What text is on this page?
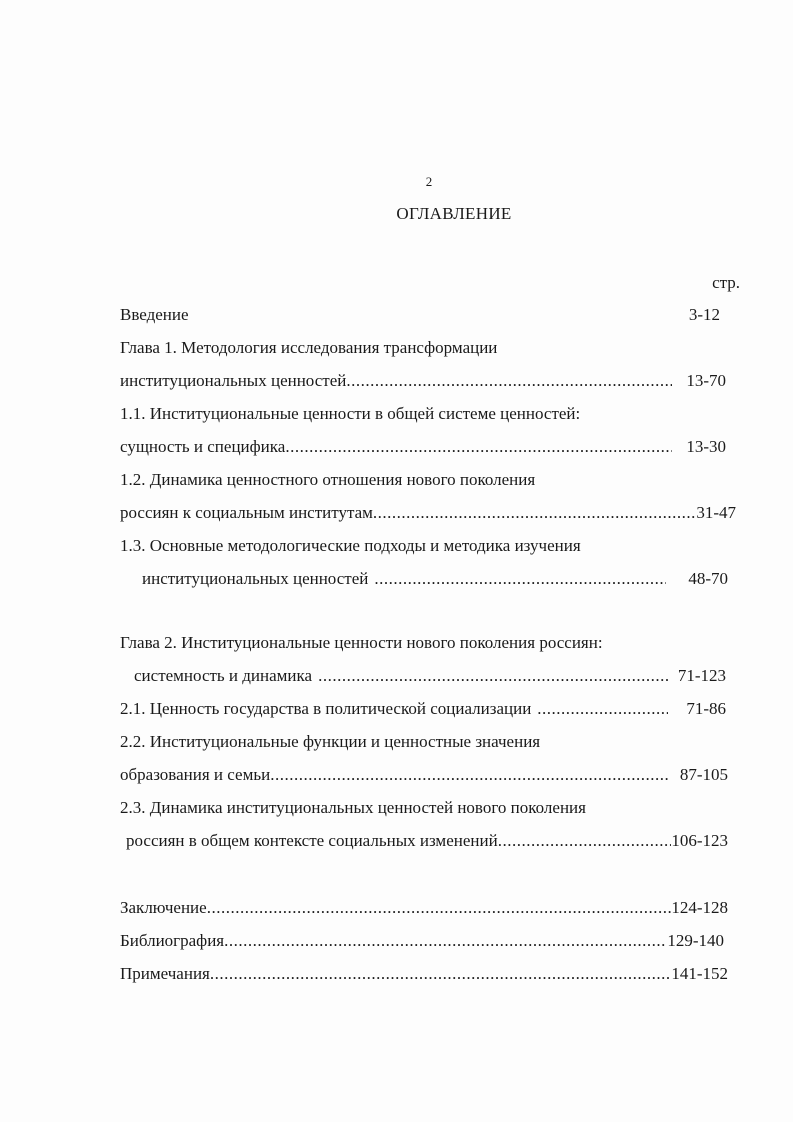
2
ОГЛАВЛЕНИЕ
стр.
Введение	3-12
Глава 1. Методология исследования трансформации
институциональных ценностей .....	13-70
1.1. Институциональные ценности в общей системе ценностей:
сущность и специфика .....	13-30
1.2. Динамика ценностного отношения нового поколения
россиян к социальным институтам .....	31-47
1.3. Основные методологические подходы и методика изучения
институциональных ценностей .....	48-70
Глава 2. Институциональные ценности нового поколения россиян:
системность и динамика .....	71-123
2.1. Ценность государства в политической социализации .....	71-86
2.2. Институциональные функции и ценностные значения
образования и семьи .....	87-105
2.3. Динамика институциональных ценностей нового поколения
россиян в общем контексте социальных изменений .....	106-123
Заключение .....	124-128
Библиография .....	129-140
Примечания .....	141-152
